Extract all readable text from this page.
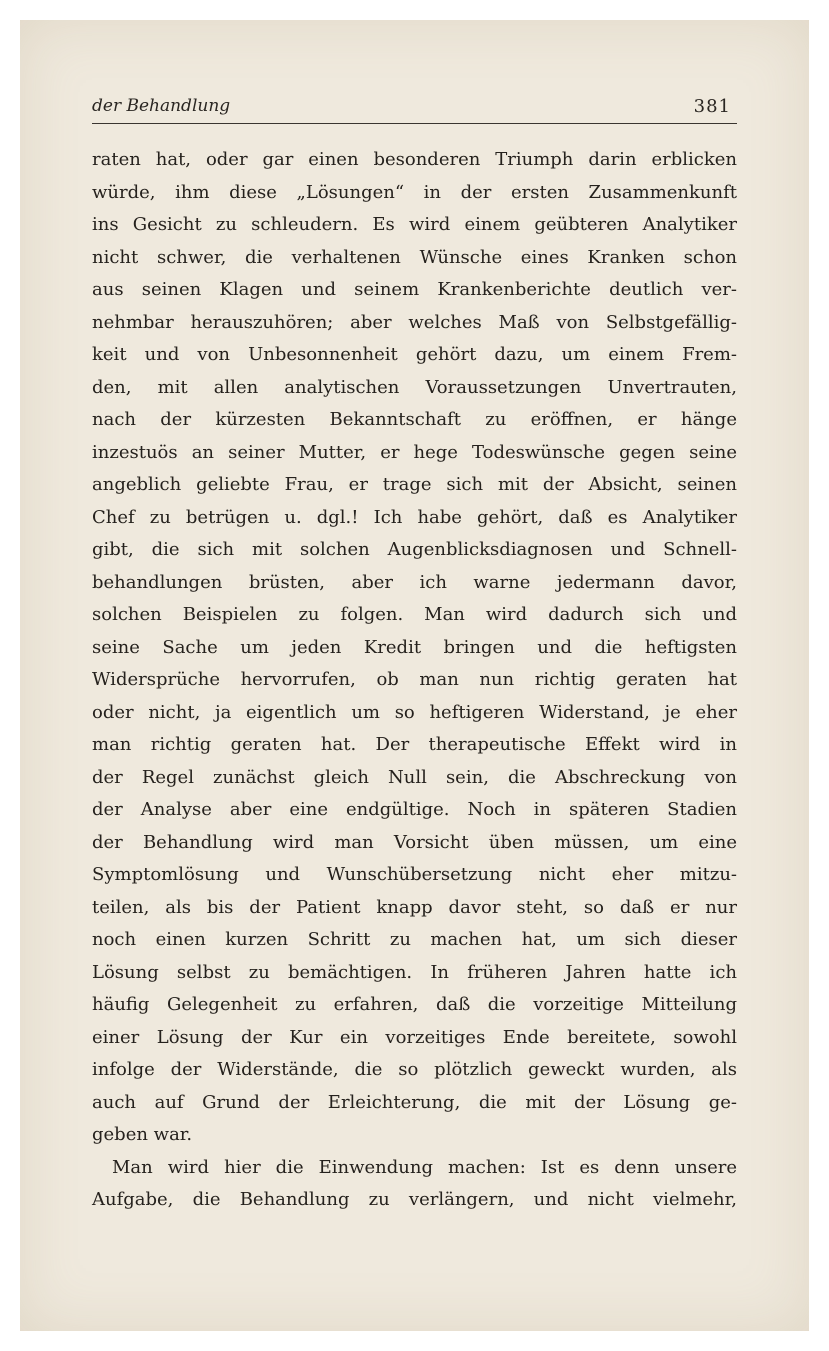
der Behandlung	381
raten hat, oder gar einen besonderen Triumph darin erblicken
würde, ihm diese „Lösungen“ in der ersten Zusammenkunft
ins Gesicht zu schleudern. Es wird einem geübteren Analytiker
nicht schwer, die verhaltenen Wünsche eines Kranken schon
aus seinen Klagen und seinem Krankenberichte deutlich ver-
nehmbar herauszuhören; aber welches Maß von Selbstgefällig-
keit und von Unbesonnenheit gehört dazu, um einem Frem-
den, mit allen analytischen Voraussetzungen Unvertrauten,
nach der kürzesten Bekanntschaft zu eröffnen, er hänge
inzestuös an seiner Mutter, er hege Todeswünsche gegen seine
angeblich geliebte Frau, er trage sich mit der Absicht, seinen
Chef zu betrügen u. dgl.! Ich habe gehört, daß es Analytiker
gibt, die sich mit solchen Augenblicksdiagnosen und Schnell-
behandlungen brüsten, aber ich warne jedermann davor,
solchen Beispielen zu folgen. Man wird dadurch sich und
seine Sache um jeden Kredit bringen und die heftigsten
Widersprüche hervorrufen, ob man nun richtig geraten hat
oder nicht, ja eigentlich um so heftigeren Widerstand, je eher
man richtig geraten hat. Der therapeutische Effekt wird in
der Regel zunächst gleich Null sein, die Abschreckung von
der Analyse aber eine endgültige. Noch in späteren Stadien
der Behandlung wird man Vorsicht üben müssen, um eine
Symptomlösung und Wunschübersetzung nicht eher mitzu-
teilen, als bis der Patient knapp davor steht, so daß er nur
noch einen kurzen Schritt zu machen hat, um sich dieser
Lösung selbst zu bemächtigen. In früheren Jahren hatte ich
häufig Gelegenheit zu erfahren, daß die vorzeitige Mitteilung
einer Lösung der Kur ein vorzeitiges Ende bereitete, sowohl
infolge der Widerstände, die so plötzlich geweckt wurden, als
auch auf Grund der Erleichterung, die mit der Lösung ge-
geben war.
Man wird hier die Einwendung machen: Ist es denn unsere
Aufgabe, die Behandlung zu verlängern, und nicht vielmehr,
